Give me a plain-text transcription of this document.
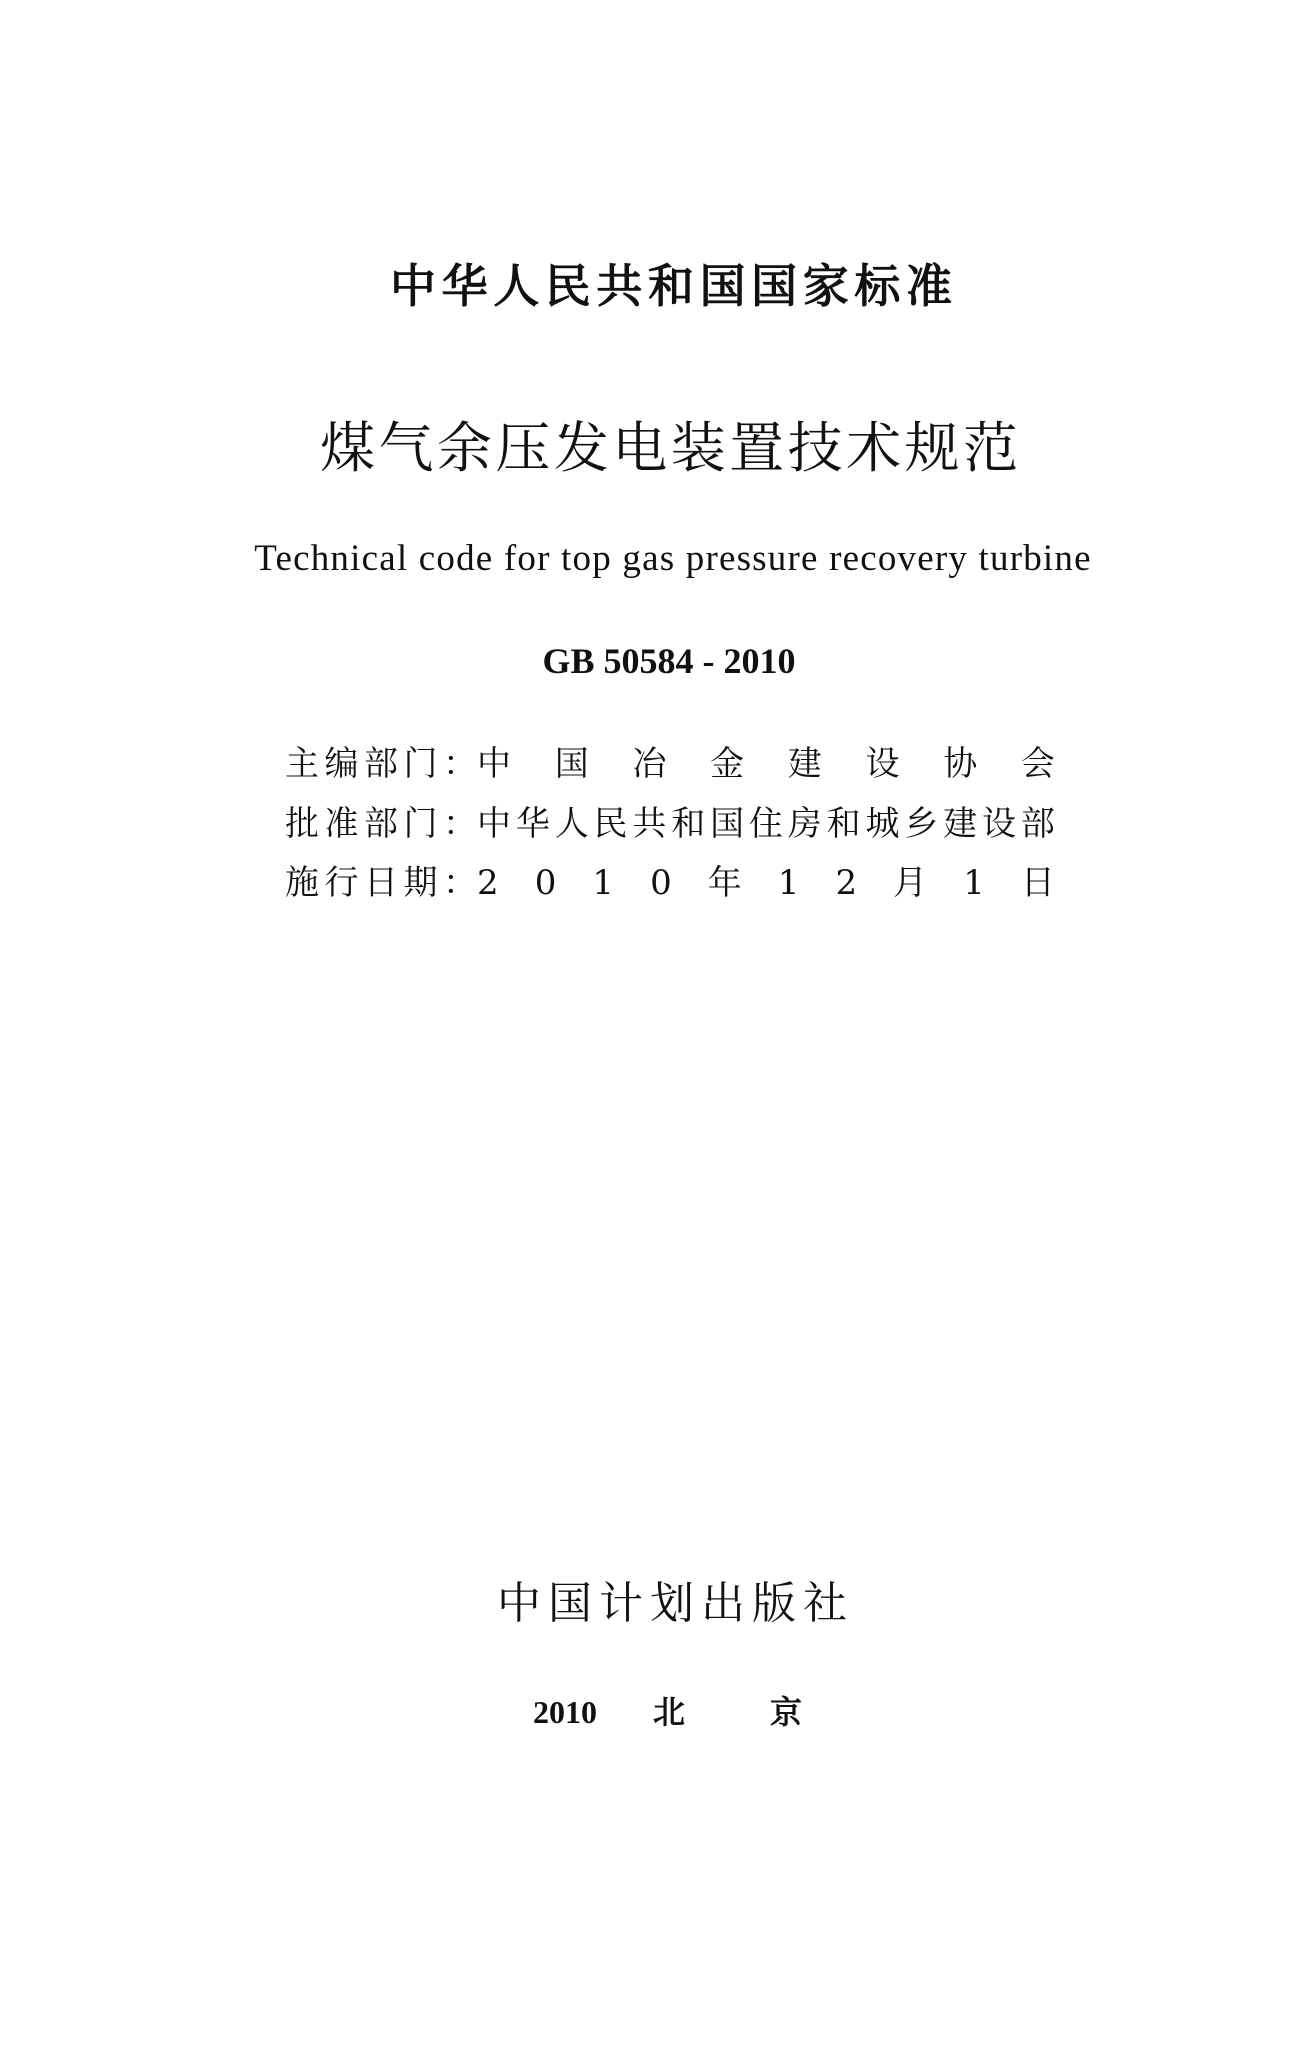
中 华 人 民 共 和 国 国 家 标 准
煤 气 余 压 发 电 装 置 技 术 规 范
Technical code for top gas pressure recovery turbine
GB 50584 - 2010
主 编 部 门 ： 中 国 冶 金 建 设 协 会
批 准 部 门 ： 中 华 人 民 共 和 国 住 房 和 城 乡 建 设 部
施 行 日 期 ： 2 0 1 0 年 1 2 月 1 日
中 国 计 划 出 版 社
2010 北	京
